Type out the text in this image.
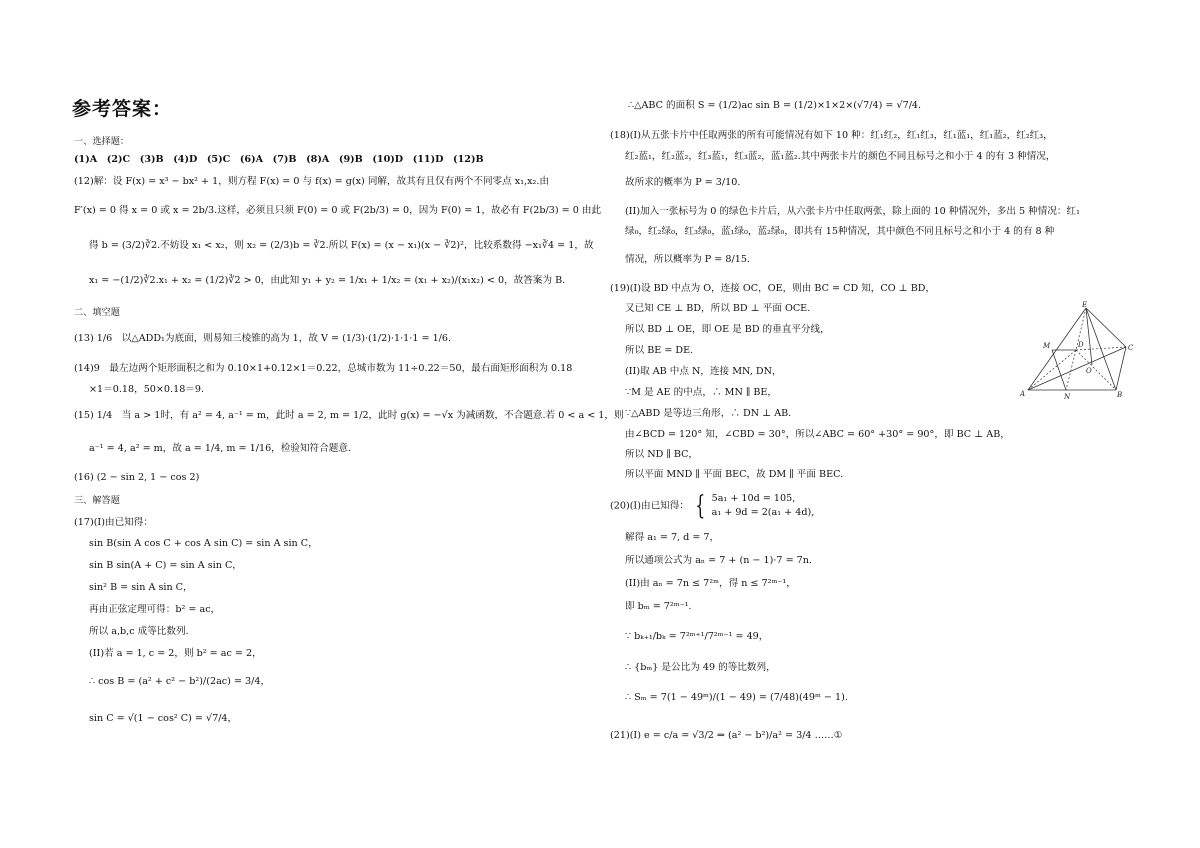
参考答案：
一、选择题：
(1)A　(2)C　(3)B　(4)D　(5)C　(6)A　(7)B　(8)A　(9)B　(10)D　(11)D　(12)B
(12)解：设 F(x) = x³ − bx² + 1，则方程 F(x) = 0 与 f(x) = g(x) 同解，故其有且仅有两个不同零点 x₁,x₂.由
F′(x) = 0 得 x = 0 或 x = 2b/3.这样，必须且只须 F(0) = 0 或 F(2b/3) = 0，因为 F(0) = 1，故必有 F(2b/3) = 0 由此
得 b = (3/2)∛2.不妨设 x₁ < x₂，则 x₂ = (2/3)b = ∛2.所以 F(x) = (x − x₁)(x − ∛2)²，比较系数得 −x₁∛4 = 1，故
x₁ = −(1/2)∛2.x₁ + x₂ = (1/2)∛2 > 0，由此知 y₁ + y₂ = 1/x₁ + 1/x₂ = (x₁ + x₂)/(x₁x₂) < 0，故答案为 B.
二、填空题
(13) 1/6　以△ADD₁为底面，则易知三棱锥的高为 1，故 V = (1/3)·(1/2)·1·1·1 = 1/6.
(14)9　最左边两个矩形面积之和为 0.10×1+0.12×1＝0.22，总城市数为 11÷0.22＝50，最右面矩形面积为 0.18
×1＝0.18，50×0.18＝9.
(15) 1/4　当 a > 1时，有 a² = 4, a⁻¹ = m，此时 a = 2, m = 1/2，此时 g(x) = −√x 为减函数，不合题意.若 0 < a < 1，则
a⁻¹ = 4, a² = m，故 a = 1/4, m = 1/16，检验知符合题意.
(16) (2 − sin 2, 1 − cos 2)
三、解答题
(17)(I)由已知得：
sin B(sin A cos C + cos A sin C) = sin A sin C，
sin B sin(A + C) = sin A sin C，
sin² B = sin A sin C，
再由正弦定理可得：b² = ac，
所以 a,b,c 成等比数列.
(II)若 a = 1, c = 2，则 b² = ac = 2，
∴ cos B = (a² + c² − b²)/(2ac) = 3/4，
sin C = √(1 − cos² C) = √7/4，
∴△ABC 的面积 S = (1/2)ac sin B = (1/2)×1×2×(√7/4) = √7/4.
(18)(I)从五张卡片中任取两张的所有可能情况有如下 10 种：红₁红₂，红₁红₃，红₁蓝₁，红₁蓝₂，红₂红₃，
红₂蓝₁，红₂蓝₂，红₃蓝₁，红₃蓝₂，蓝₁蓝₂.其中两张卡片的颜色不同且标号之和小于 4 的有 3 种情况，
故所求的概率为 P = 3/10.
(II)加入一张标号为 0 的绿色卡片后，从六张卡片中任取两张，除上面的 10 种情况外，多出 5 种情况：红₁
绿₀，红₂绿₀，红₃绿₀，蓝₁绿₀，蓝₂绿₀，即共有 15种情况，其中颜色不同且标号之和小于 4 的有 8 种
情况，所以概率为 P = 8/15.
(19)(I)设 BD 中点为 O，连接 OC，OE，则由 BC = CD 知，CO ⊥ BD，
又已知 CE ⊥ BD，所以 BD ⊥ 平面 OCE.
所以 BD ⊥ OE，即 OE 是 BD 的垂直平分线，
所以 BE = DE.
(II)取 AB 中点 N，连接 MN, DN，
∵M 是 AE 的中点，∴ MN ∥ BE，
∵△ABD 是等边三角形，∴ DN ⊥ AB.
由∠BCD = 120° 知，∠CBD = 30°，所以∠ABC = 60° +30° = 90°，即 BC ⊥ AB，
所以 ND ∥ BC，
所以平面 MND ∥ 平面 BEC，故 DM ∥ 平面 BEC.
(20)(I)由已知得： { 5a₁ + 10d = 105,
a₁ + 9d = 2(a₁ + 4d),
解得 a₁ = 7, d = 7，
所以通项公式为 aₙ = 7 + (n − 1)·7 = 7n.
(II)由 aₙ = 7n ≤ 7²ᵐ，得 n ≤ 7²ᵐ⁻¹，
即 bₘ = 7²ᵐ⁻¹.
∵ bₖ₊₁/bₖ = 7²ᵐ⁺¹/7²ᵐ⁻¹ = 49，
∴ {bₘ} 是公比为 49 的等比数列，
∴ Sₘ = 7(1 − 49ᵐ)/(1 − 49) = (7/48)(49ᵐ − 1).
(21)(I) e = c/a = √3/2 ⇒ (a² − b²)/a² = 3/4 ……①
E
M	D	C
O
A	N	B
